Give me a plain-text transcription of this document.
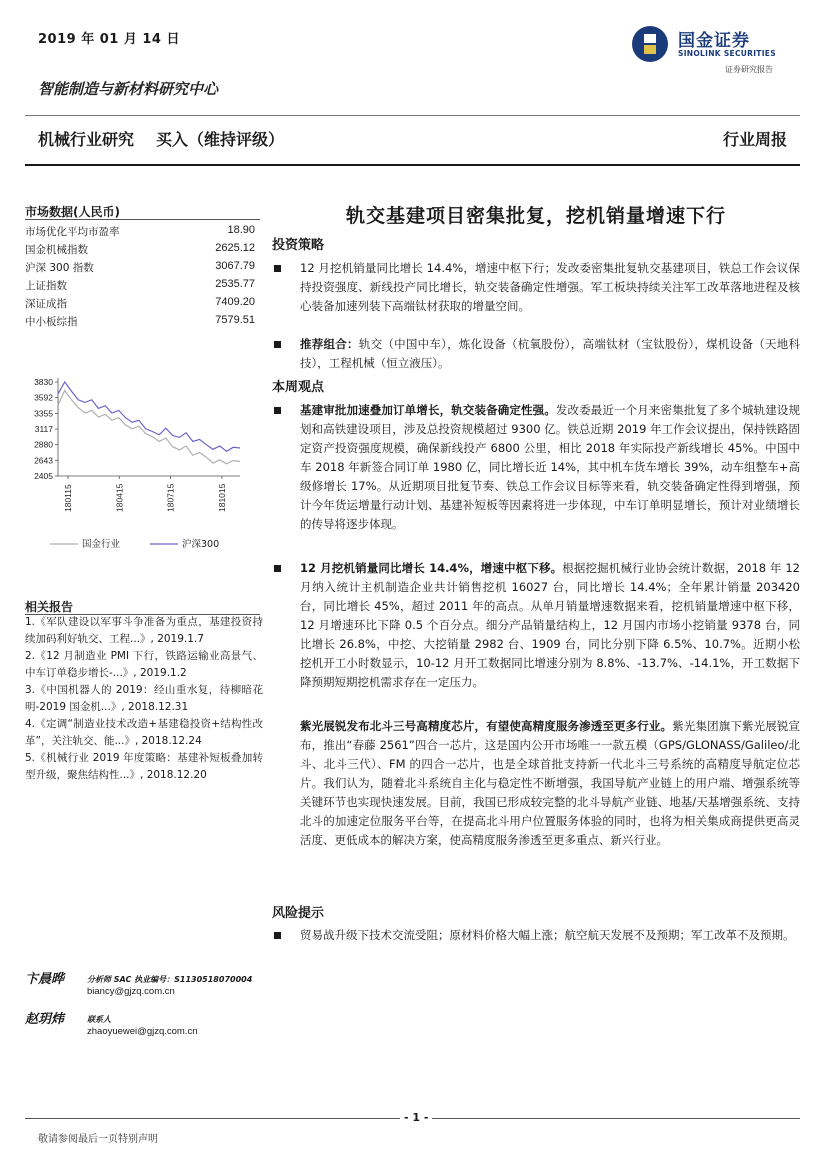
2019 年 01 月 14 日	国金证券
SINOLINK SECURITIES
证券研究报告
智能制造与新材料研究中心
机械行业研究 买入（维持评级）	行业周报
市场数据(人民币)
市场优化平均市盈率	18.90
国金机械指数	2625.12
沪深 300 指数	3067.79
上证指数	2535.77
深证成指	7409.20
中小板综指	7579.51
3830
3592
3355
3117
2880
2643
2405
180115	180415	180715	181015
国金行业	沪深300
相关报告
1.《军队建设以军事斗争准备为重点，基建投资持续加码利好轨交、工程...》, 2019.1.7
2.《12 月制造业 PMI 下行，铁路运输业高景气、中车订单稳步增长-...》, 2019.1.2
3.《中国机器人的 2019：经山重水复，待柳暗花明-2019 国金机...》, 2018.12.31
4.《定调“制造业技术改造+基建稳投资+结构性改革”，关注轨交、能...》, 2018.12.24
5.《机械行业 2019 年度策略：基建补短板叠加转型升级，聚焦结构性...》, 2018.12.20
卞晨晔	分析师 SAC 执业编号：S1130518070004
biancy@gjzq.com.cn
赵玥炜	联系人
zhaoyuewei@gjzq.com.cn
轨交基建项目密集批复，挖机销量增速下行
投资策略
12 月挖机销量同比增长 14.4%，增速中枢下行；发改委密集批复轨交基建项目，铁总工作会议保持投资强度、新线投产同比增长，轨交装备确定性增强。军工板块持续关注军工改革落地进程及核心装备加速列装下高端钛材获取的增量空间。
推荐组合：轨交（中国中车），炼化设备（杭氧股份），高端钛材（宝钛股份），煤机设备（天地科技），工程机械（恒立液压）。
本周观点
基建审批加速叠加订单增长，轨交装备确定性强。发改委最近一个月来密集批复了多个城轨建设规划和高铁建设项目，涉及总投资规模超过 9300 亿。铁总近期 2019 年工作会议提出，保持铁路固定资产投资强度规模，确保新线投产 6800 公里，相比 2018 年实际投产新线增长 45%。中国中车 2018 年新签合同订单 1980 亿，同比增长近 14%，其中机车货车增长 39%，动车组整车+高级修增长 17%。从近期项目批复节奏、铁总工作会议目标等来看，轨交装备确定性得到增强，预计今年货运增量行动计划、基建补短板等因素将进一步体现，中车订单明显增长，预计对业绩增长的传导将逐步体现。
12 月挖机销量同比增长 14.4%，增速中枢下移。根据挖掘机械行业协会统计数据，2018 年 12 月纳入统计主机制造企业共计销售挖机 16027 台，同比增长 14.4%；全年累计销量 203420 台，同比增长 45%，超过 2011 年的高点。从单月销量增速数据来看，挖机销量增速中枢下移，12 月增速环比下降 0.5 个百分点。细分产品销量结构上，12 月国内市场小挖销量 9378 台，同比增长 26.8%，中挖、大挖销量 2982 台、1909 台，同比分别下降 6.5%、10.7%。近期小松挖机开工小时数显示，10-12 月开工数据同比增速分别为 8.8%、-13.7%、-14.1%，开工数据下降预期短期挖机需求存在一定压力。
紫光展锐发布北斗三号高精度芯片，有望使高精度服务渗透至更多行业。紫光集团旗下紫光展锐宣布，推出“春藤 2561”四合一芯片，这是国内公开市场唯一一款五模（GPS/GLONASS/Galileo/北斗、北斗三代）、FM 的四合一芯片，也是全球首批支持新一代北斗三号系统的高精度导航定位芯片。我们认为，随着北斗系统自主化与稳定性不断增强，我国导航产业链上的用户端、增强系统等关键环节也实现快速发展。目前，我国已形成较完整的北斗导航产业链、地基/天基增强系统、支持北斗的加速定位服务平台等，在提高北斗用户位置服务体验的同时，也将为相关集成商提供更高灵活度、更低成本的解决方案，使高精度服务渗透至更多重点、新兴行业。
风险提示
贸易战升级下技术交流受阻；原材料价格大幅上涨；航空航天发展不及预期；军工改革不及预期。
- 1 -
敬请参阅最后一页特别声明
